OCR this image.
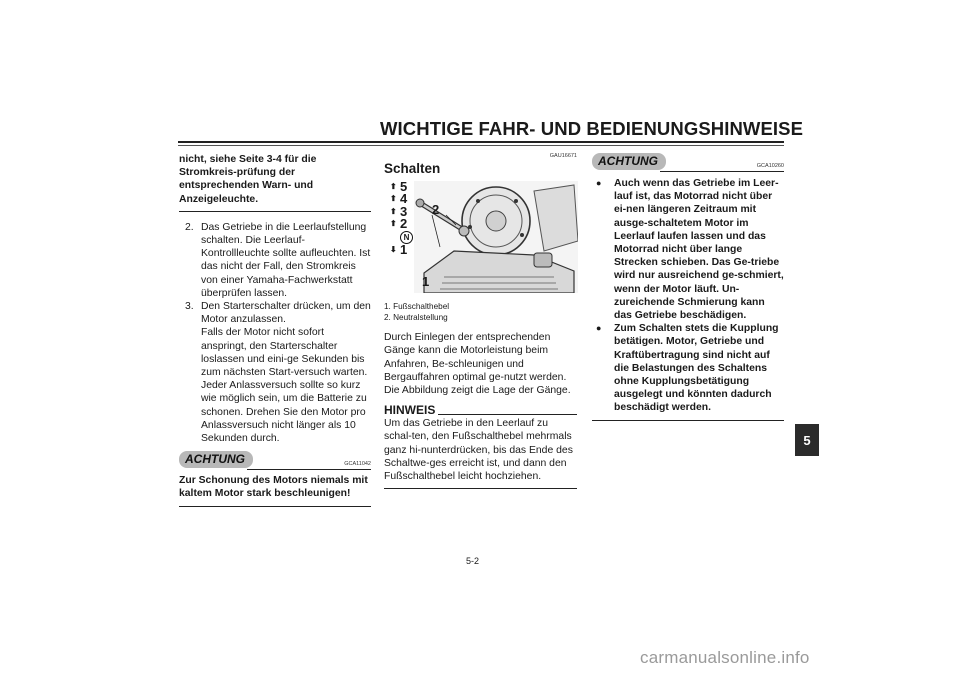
WICHTIGE FAHR- UND BEDIENUNGSHINWEISE
5
nicht, siehe Seite 3-4 für die Stromkreis-prüfung der entsprechenden Warn- und Anzeigeleuchte.
2. Das Getriebe in die Leerlaufstellung schalten. Die Leerlauf-Kontrollleuchte sollte aufleuchten. Ist das nicht der Fall, den Stromkreis von einer Yamaha-Fachwerkstatt überprüfen lassen.
3. Den Starterschalter drücken, um den Motor anzulassen.
Falls der Motor nicht sofort anspringt, den Starterschalter loslassen und eini-ge Sekunden bis zum nächsten Start-versuch warten. Jeder Anlassversuch sollte so kurz wie möglich sein, um die Batterie zu schonen. Drehen Sie den Motor pro Anlassversuch nicht länger als 10 Sekunden durch.
ACHTUNG	GCA11042
Zur Schonung des Motors niemals mit kaltem Motor stark beschleunigen!
GAU16671
Schalten
⬆ 5
⬆ 4
⬆ 3
⬆ 2
N
⬇ 1
2
1
1. Fußschalthebel
2. Neutralstellung
Durch Einlegen der entsprechenden Gänge kann die Motorleistung beim Anfahren, Be-schleunigen und Bergauffahren optimal ge-nutzt werden.
Die Abbildung zeigt die Lage der Gänge.
HINWEIS
Um das Getriebe in den Leerlauf zu schal-ten, den Fußschalthebel mehrmals ganz hi-nunterdrücken, bis das Ende des Schaltwe-ges erreicht ist, und dann den Fußschalthebel leicht hochziehen.
ACHTUNG	GCA10260
● Auch wenn das Getriebe im Leer-lauf ist, das Motorrad nicht über ei-nen längeren Zeitraum mit ausge-schaltetem Motor im Leerlauf laufen lassen und das Motorrad nicht über lange Strecken schieben. Das Ge-triebe wird nur ausreichend ge-schmiert, wenn der Motor läuft. Un-zureichende Schmierung kann das Getriebe beschädigen.
● Zum Schalten stets die Kupplung betätigen. Motor, Getriebe und Kraftübertragung sind nicht auf die Belastungen des Schaltens ohne Kupplungsbetätigung ausgelegt und könnten dadurch beschädigt werden.
5-2
carmanualsonline.info
